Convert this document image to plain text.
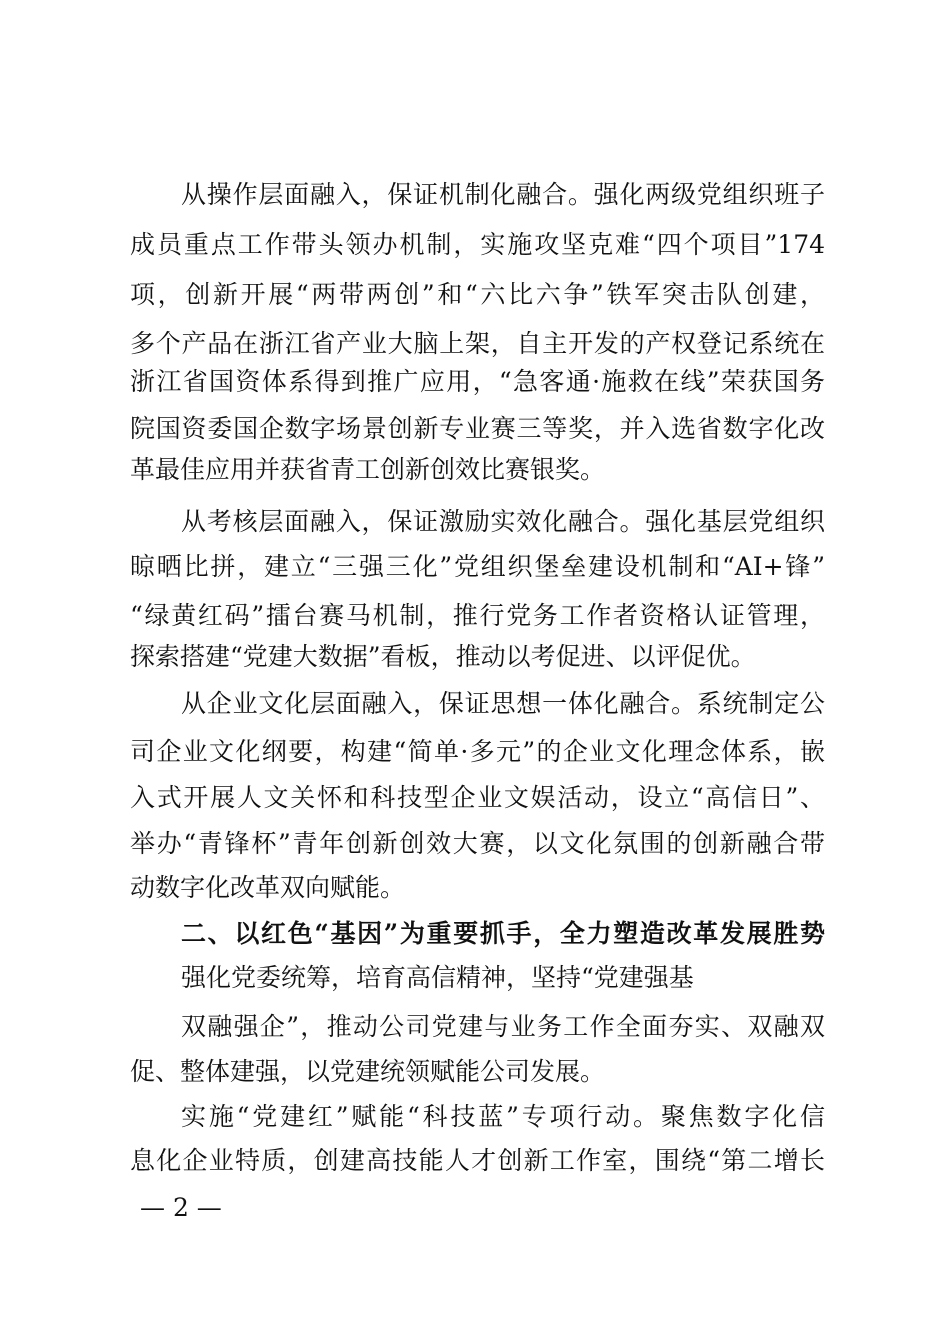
从操作层面融入，保证机制化融合。强化两级党组织班子
成员重点工作带头领办机制，实施攻坚克难“四个项目”174
项，创新开展“两带两创”和“六比六争”铁军突击队创建，
多个产品在浙江省产业大脑上架，自主开发的产权登记系统在
浙江省国资体系得到推广应用，“急客通·施救在线”荣获国务
院国资委国企数字场景创新专业赛三等奖，并入选省数字化改
革最佳应用并获省青工创新创效比赛银奖。
从考核层面融入，保证激励实效化融合。强化基层党组织
晾晒比拼，建立“三强三化”党组织堡垒建设机制和“AI+锋”
“绿黄红码”擂台赛马机制，推行党务工作者资格认证管理，
探索搭建“党建大数据”看板，推动以考促进、以评促优。
从企业文化层面融入，保证思想一体化融合。系统制定公
司企业文化纲要，构建“简单·多元”的企业文化理念体系，嵌
入式开展人文关怀和科技型企业文娱活动，设立“高信日”、
举办“青锋杯”青年创新创效大赛，以文化氛围的创新融合带
动数字化改革双向赋能。
二、以红色“基因”为重要抓手，全力塑造改革发展胜势
强化党委统筹，培育高信精神，坚持“党建强基
双融强企”，推动公司党建与业务工作全面夯实、双融双
促、整体建强，以党建统领赋能公司发展。
实施“党建红”赋能“科技蓝”专项行动。聚焦数字化信
息化企业特质，创建高技能人才创新工作室，围绕“第二增长
— 2 —
